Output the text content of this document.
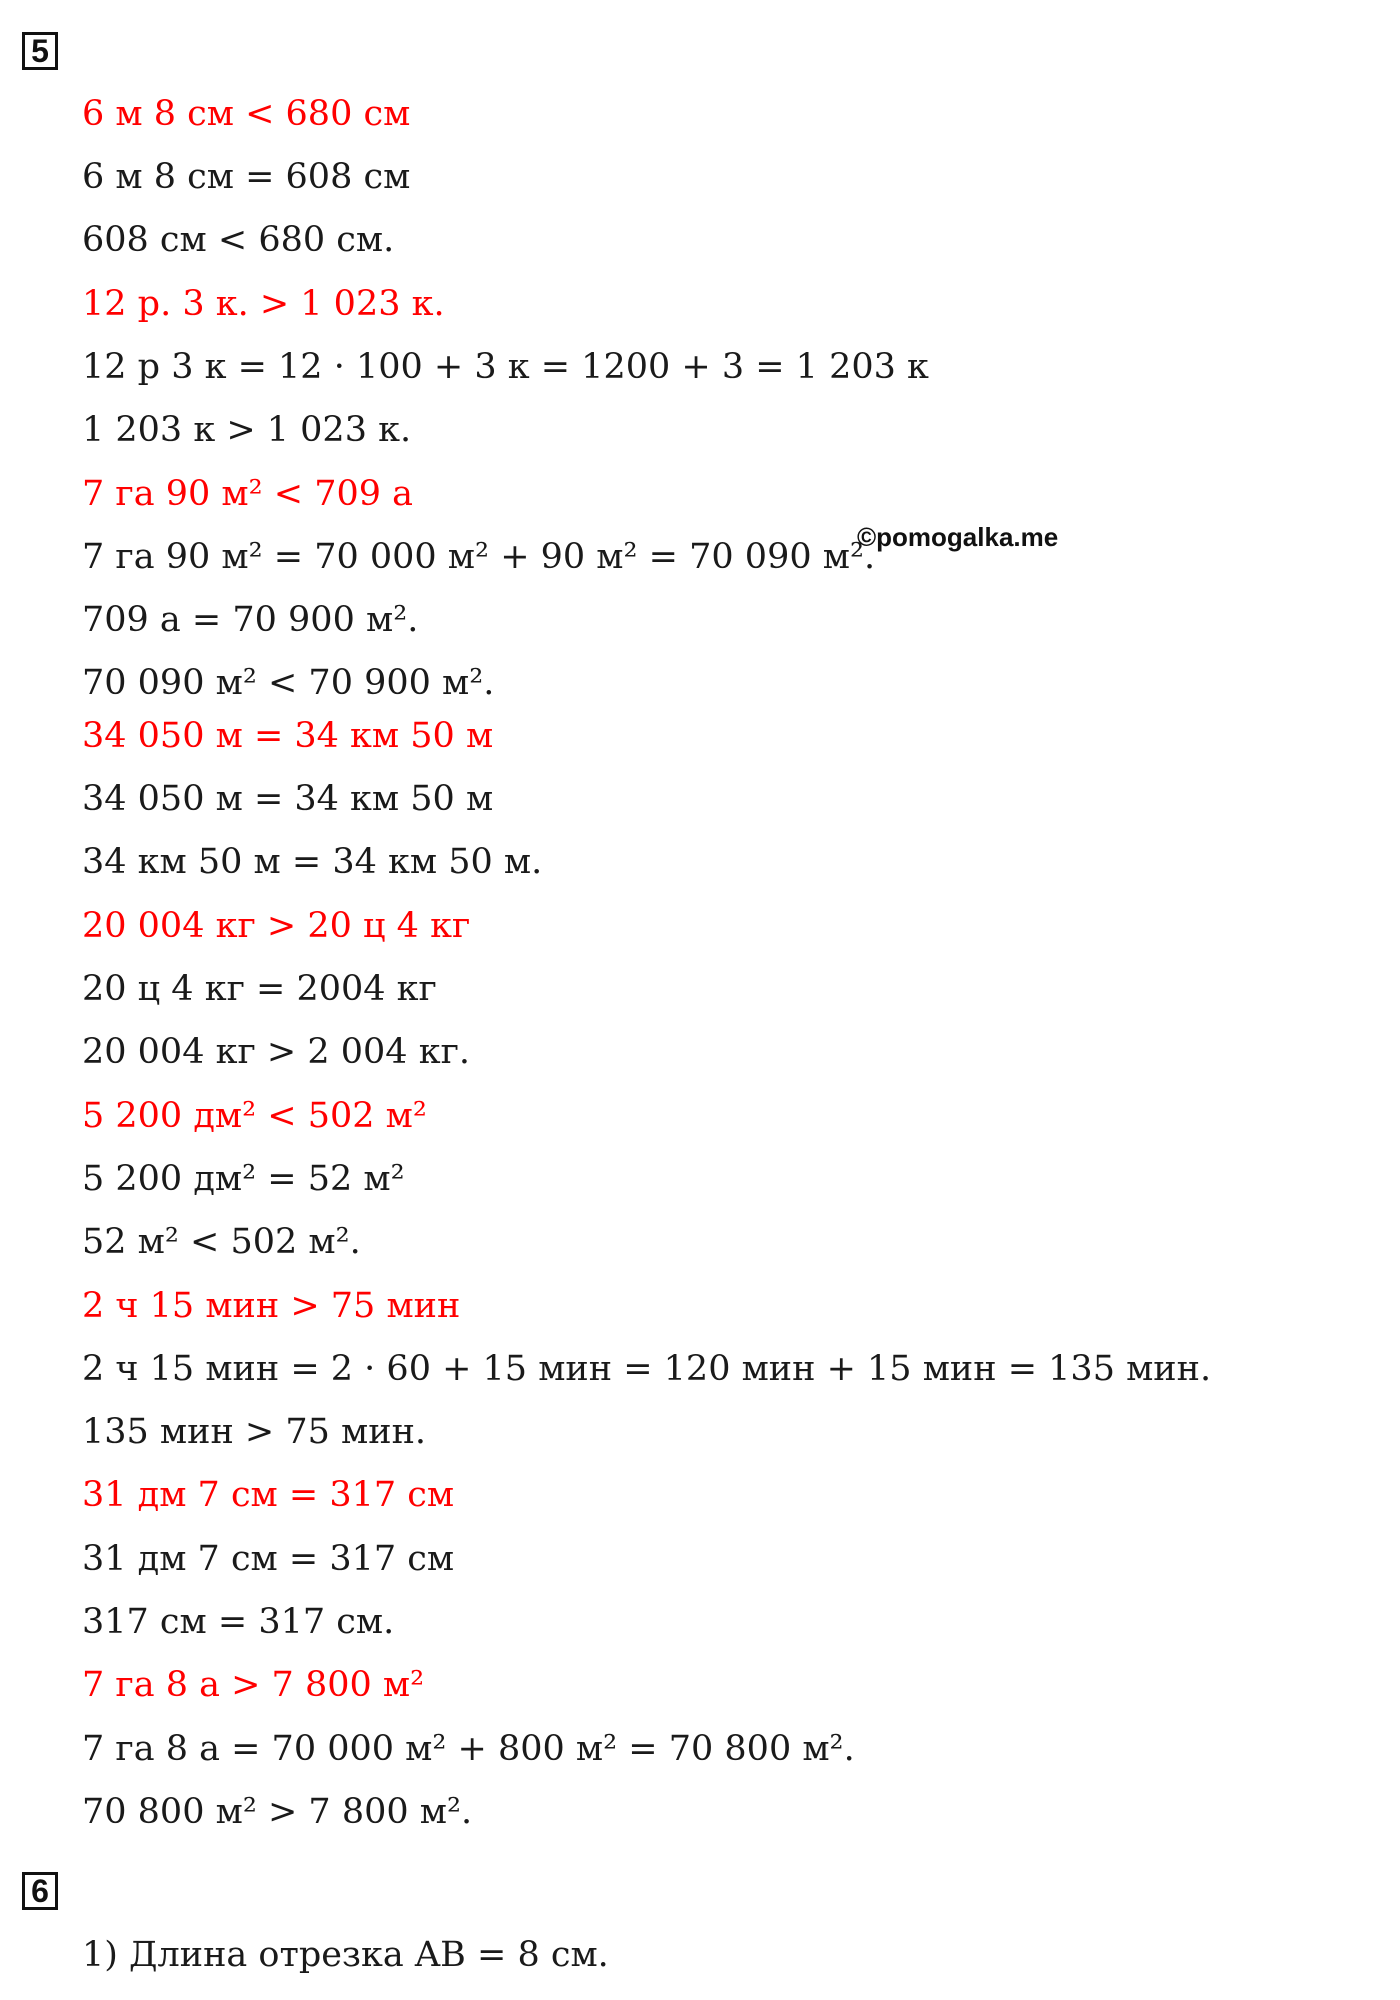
5
6 м 8 см < 680 см
6 м 8 см = 608 см
608 см < 680 см.
12 р. 3 к. > 1 023 к.
12 р 3 к = 12 · 100 + 3 к = 1200 + 3 = 1 203 к
1 203 к > 1 023 к.
7 га 90 м² < 709 а
7 га 90 м² = 70 000 м² + 90 м² = 70 090 м².
709 а = 70 900 м².
70 090 м² < 70 900 м².
34 050 м = 34 км 50 м
34 050 м = 34 км 50 м
34 км 50 м = 34 км 50 м.
20 004 кг > 20 ц 4 кг
20 ц 4 кг = 2004 кг
20 004 кг > 2 004 кг.
5 200 дм² < 502 м²
5 200 дм² = 52 м²
52 м² < 502 м².
2 ч 15 мин > 75 мин
2 ч 15 мин = 2 · 60 + 15 мин = 120 мин + 15 мин = 135 мин.
135 мин > 75 мин.
31 дм 7 см = 317 см
31 дм 7 см = 317 см
317 см = 317 см.
7 га 8 а > 7 800 м²
7 га 8 а = 70 000 м² + 800 м² = 70 800 м².
70 800 м² > 7 800 м².
©pomogalka.me
6
1) Длина отрезка AB = 8 см.
